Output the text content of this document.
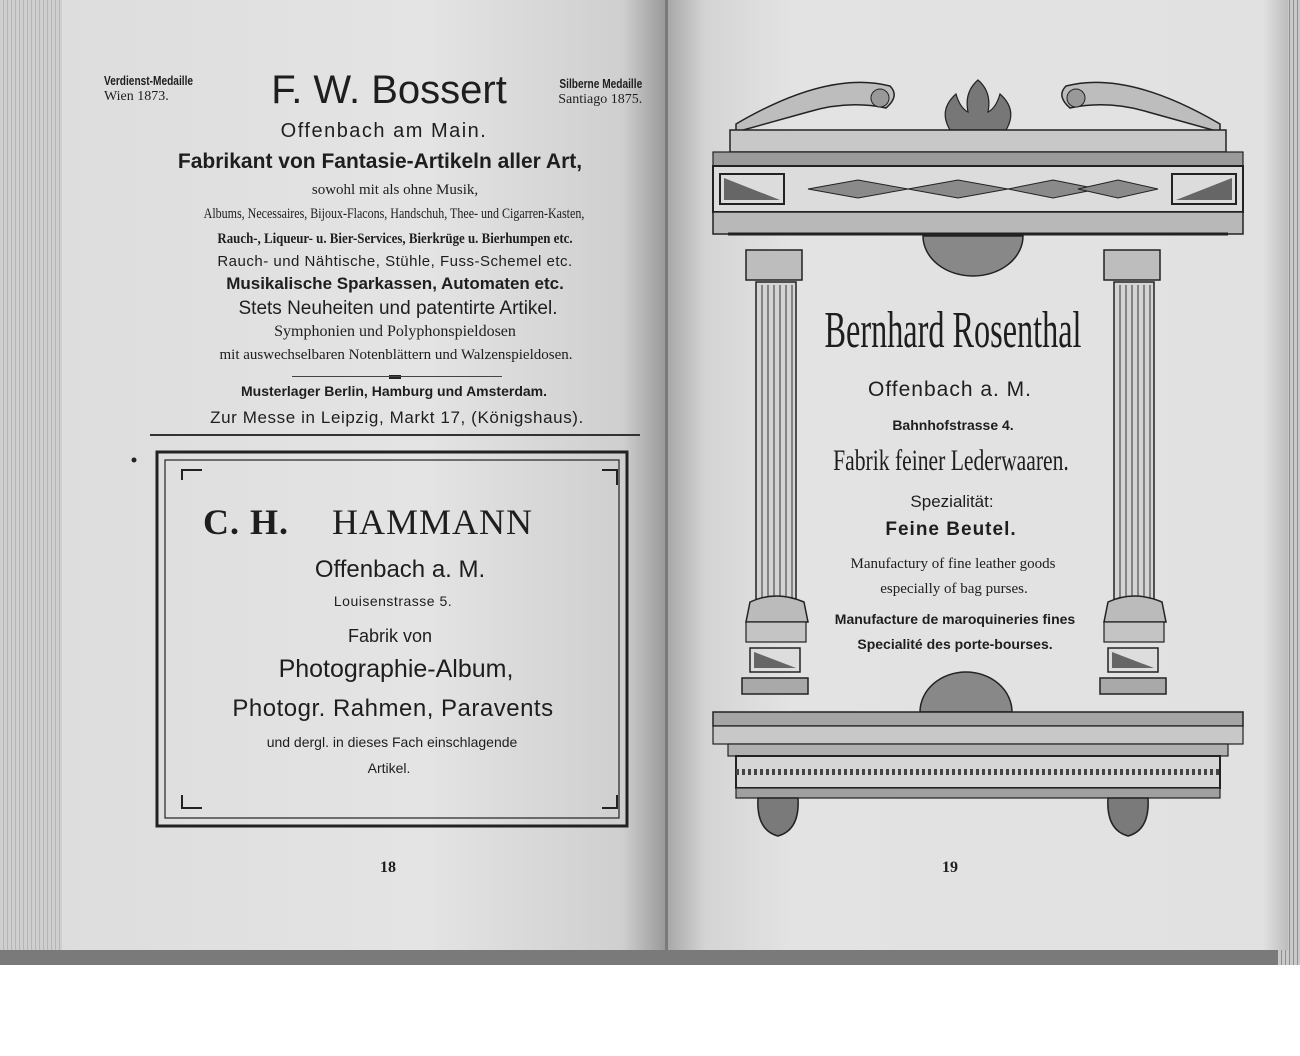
Verdienst-Medaille
Wien 1873.	F. W. Bossert	Silberne Medaille
Santiago 1875.
Offenbach am Main.
Fabrikant von Fantasie-Artikeln aller Art,
sowohl mit als ohne Musik,
Albums, Necessaires, Bijoux-Flacons, Handschuh, Thee- und Cigarren-Kasten,
Rauch-, Liqueur- u. Bier-Services, Bierkrüge u. Bierhumpen etc.
Rauch- und Nähtische, Stühle, Fuss-Schemel etc.
Musikalische Sparkassen, Automaten etc.
Stets Neuheiten und patentirte Artikel.
Symphonien und Polyphonspieldosen
mit auswechselbaren Notenblättern und Walzenspieldosen.
Musterlager Berlin, Hamburg und Amsterdam.
Zur Messe in Leipzig, Markt 17, (Königshaus).
C. H. HAMMANN
Offenbach a. M.
Louisenstrasse 5.
Fabrik von
Photographie-Album,
Photogr. Rahmen, Paravents
und dergl. in dieses Fach einschlagende
Artikel.
18
Bernhard Rosenthal
Offenbach a. M.
Bahnhofstrasse 4.
Fabrik feiner Lederwaaren.
Spezialität:
Feine Beutel.
Manufactury of fine leather goods
especially of bag purses.
Manufacture de maroquineries fines
Specialité des porte-bourses.
19
